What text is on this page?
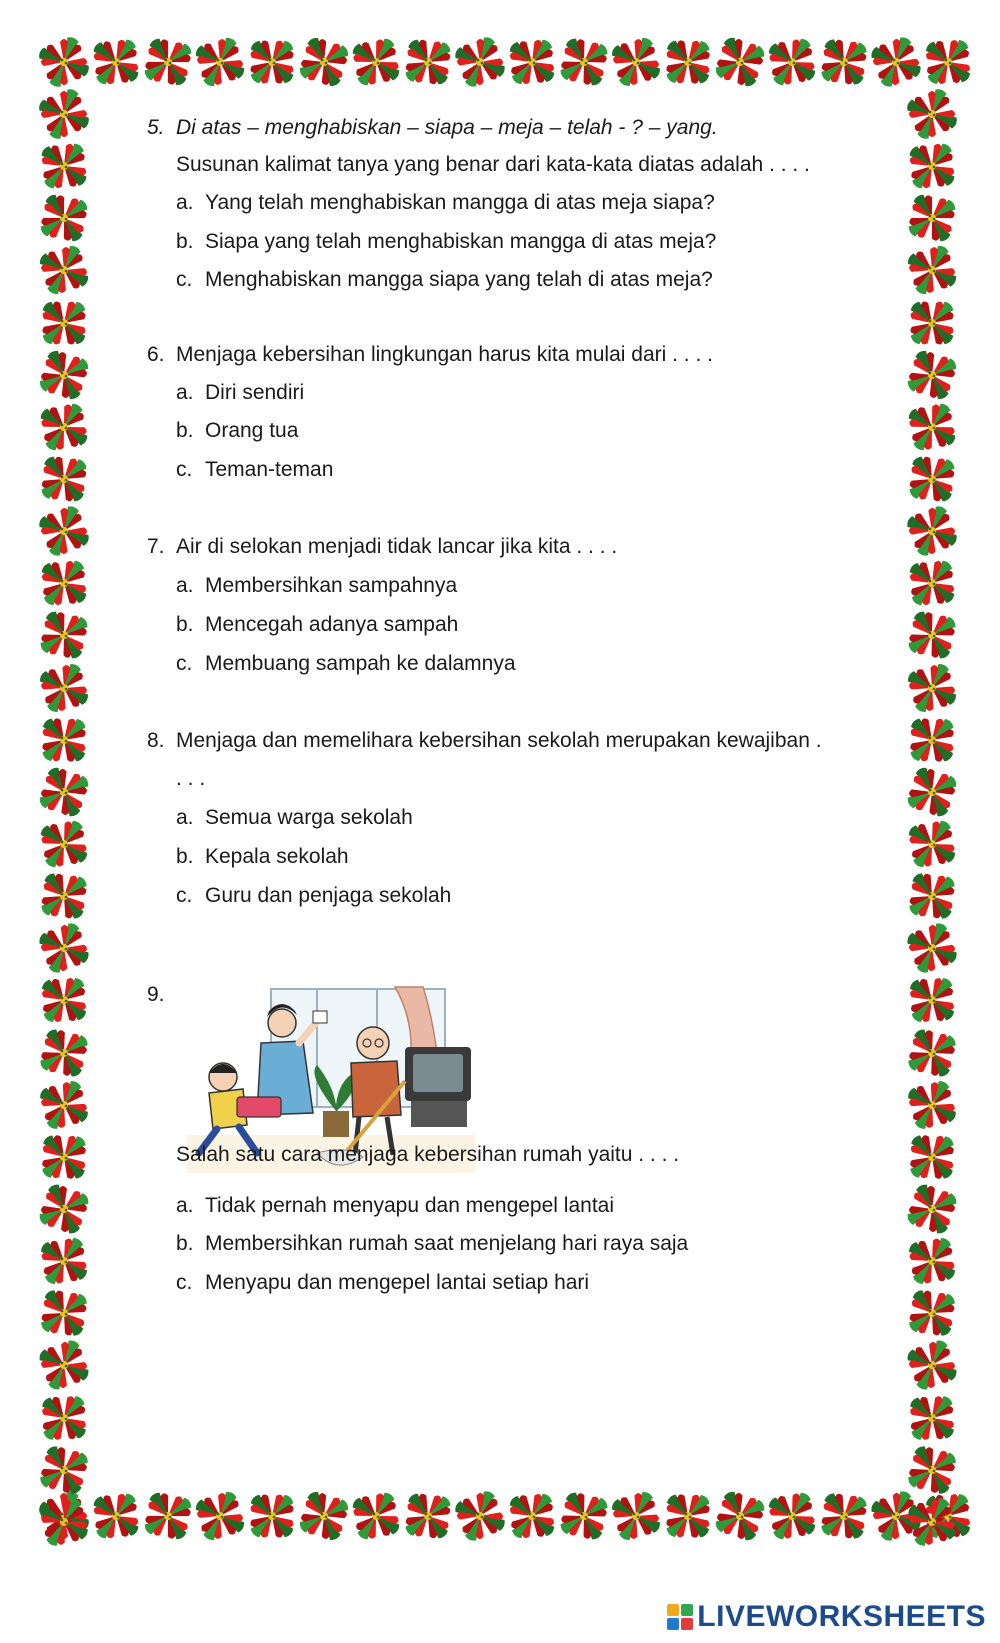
5. Di atas – menghabiskan – siapa – meja – telah - ? – yang.
Susunan kalimat tanya yang benar dari kata-kata diatas adalah . . . .
a. Yang telah menghabiskan mangga di atas meja siapa?
b. Siapa yang telah menghabiskan mangga di atas meja?
c. Menghabiskan mangga siapa yang telah di atas meja?
6. Menjaga kebersihan lingkungan harus kita mulai dari . . . .
a. Diri sendiri
b. Orang tua
c. Teman-teman
7. Air di selokan menjadi tidak lancar jika kita . . . .
a. Membersihkan sampahnya
b. Mencegah adanya sampah
c. Membuang sampah ke dalamnya
8. Menjaga dan memelihara kebersihan sekolah merupakan kewajiban .
. . .
a. Semua warga sekolah
b. Kepala sekolah
c. Guru dan penjaga sekolah
9.
Salah satu cara menjaga kebersihan rumah yaitu . . . .
a. Tidak pernah menyapu dan mengepel lantai
b. Membersihkan rumah saat menjelang hari raya saja
c. Menyapu dan mengepel lantai setiap hari
LIVEWORKSHEETS
